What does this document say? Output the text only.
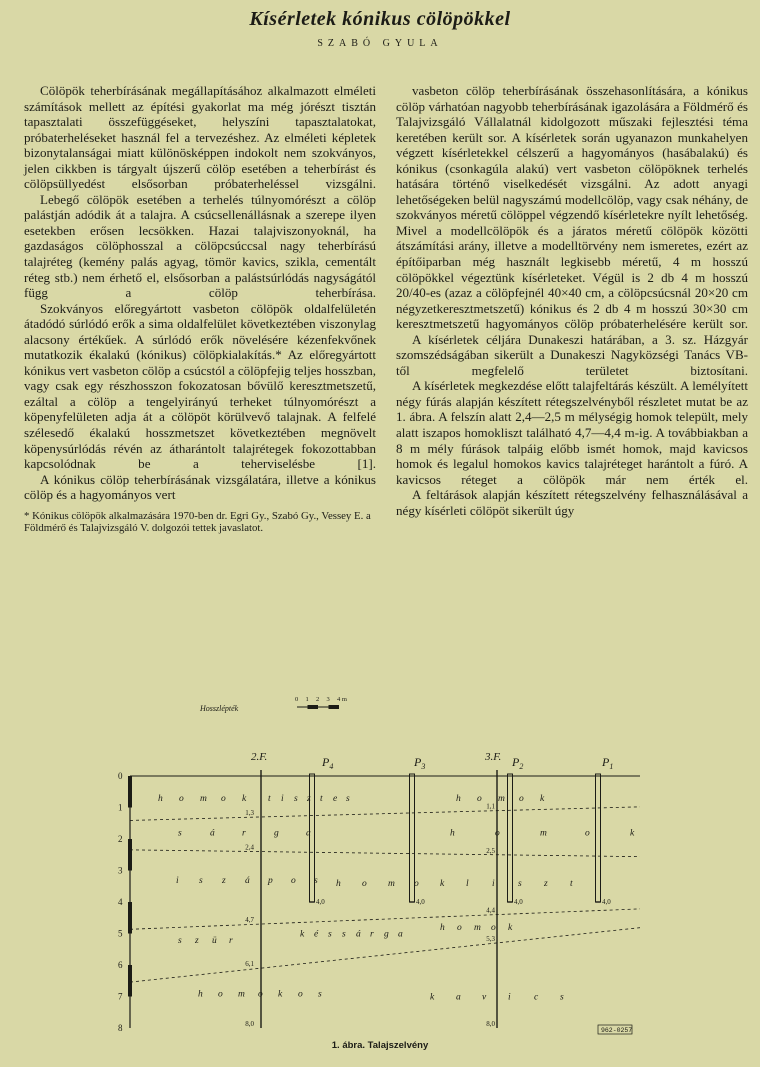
Kísérletek kónikus cölöpökkel
SZABÓ GYULA

Cölöpök teherbírásának megállapításához alkalmazott elméleti számítások mellett az építési gyakorlat ma még jórészt tisztán tapasztalati összefüggéseket, helyszíni tapasztalatokat, próbaterheléseket használ fel a tervezéshez. Az elméleti képletek bizonytalanságai miatt különösképpen indokolt nem szokványos, jelen cikkben is tárgyalt újszerű cölöp esetében a teherbírást és cölöpsüllyedést elsősorban próbaterheléssel vizsgálni.

Lebegő cölöpök esetében a terhelés túlnyomórészt a cölöp palástján adódik át a talajra. A csúcsellenállásnak a szerepe ilyen esetekben erősen lecsökken. Hazai talajviszonyoknál, ha gazdaságos cölöphosszal a cölöpcsúccsal nagy teherbírású talajréteg (kemény palás agyag, tömör kavics, szikla, cementált réteg stb.) nem érhető el, elsősorban a palástsúrlódás nagyságától függ a cölöp teherbírása.

Szokványos előregyártott vasbeton cölöpök oldalfelületén átadódó súrlódó erők a sima oldalfelület következtében viszonylag alacsony értékűek. A súrlódó erők növelésére kézenfekvőnek mutatkozik ékalakú (kónikus) cölöpkialakítás.* Az előregyártott kónikus vert vasbeton cölöp a csúcstól a cölöpfejig teljes hosszban, vagy csak egy részhosszon fokozatosan bővülő keresztmetszetű, ezáltal a cölöp a tengelyirányú terheket túlnyomórészt a köpenyfelületen adja át a cölöpöt körülvevő talajnak. A felfelé szélesedő ékalakú hosszmetszet következtében megnövelt köpenysúrlódás révén az átharántolt talajrétegek fokozottabban kapcsolódnak be a teherviselésbe [1].

A kónikus cölöp teherbírásának vizsgálatára, illetve a kónikus cölöp és a hagyományos vert

* Kónikus cölöpök alkalmazására 1970-ben dr. Egri Gy., Szabó Gy., Vessey E. a Földmérő és Talajvizsgáló V. dolgozói tettek javaslatot.

vasbeton cölöp teherbírásának összehasonlítására, a kónikus cölöp várhatóan nagyobb teherbírásának igazolására a Földmérő és Talajvizsgáló Vállalatnál kidolgozott műszaki fejlesztési téma keretében került sor. A kísérletek során ugyanazon munkahelyen végzett kísérletekkel célszerű a hagyományos (hasábalakú) és kónikus (csonkagúla alakú) vert vasbeton cölöpöknek terhelés hatására történő viselkedését vizsgálni. Az adott anyagi lehetőségeken belül nagyszámú modellcölöp, vagy csak néhány, de szokványos méretű cölöppel végzendő kísérletekre nyílt lehetőség. Mivel a modellcölöpök és a járatos méretű cölöpök közötti átszámítási arány, illetve a modelltörvény nem ismeretes, ezért az építőiparban még használt legkisebb méretű, 4 m hosszú cölöpökkel végeztünk kísérleteket. Végül is 2 db 4 m hosszú 20/40-es (azaz a cölöpfejnél 40×40 cm, a cölöpcsúcsnál 20×20 cm négyzetkeresztmetszetű) kónikus és 2 db 4 m hosszú 30×30 cm keresztmetszetű hagyományos cölöp próbaterhelésére került sor.

A kísérletek céljára Dunakeszi határában, a 3. sz. Házgyár szomszédságában sikerült a Dunakeszi Nagyközségi Tanács VB-től megfelelő területet biztosítani.

A kísérletek megkezdése előtt talajfeltárás készült. A lemélyített négy fúrás alapján készített rétegszelvényből részletet mutat be az 1. ábra. A felszín alatt 2,4—2,5 m mélységig homok települt, mely alatt iszapos homokliszt található 4,7—4,4 m-ig. A továbbiakban a 8 m mély fúrások talpáig előbb ismét homok, majd kavicsos homok és legalul homokos kavics talajréteget harántolt a fúró. A kavicsos réteget a cölöpök már nem érték el.

A feltárások alapján készített rétegszelvény felhasználásával a négy kísérleti cölöpöt sikerült úgy

Hosszlépték
0 1 2 3 4 m
0
1
2
3
4
5
6
7
8
2.F.	3.F.
1,3
2,4
4,7
6,1
8,0
1,1
2,5
4,4
5,3
8,0
4,0	4,0	4,0	4,0
$P_4$	$P_3$	$P_2$	$P_1$
h o m o k t i s z t e s	h o m o k
s	á	r	g	a	h	o	m	o	k
i s z á p o s h o m o k l i s z t
s z ü r
k é s s á r g a
h o m o k
h o m o k o s	k a v i c s
962-0257
1. ábra. Talajszelvény
